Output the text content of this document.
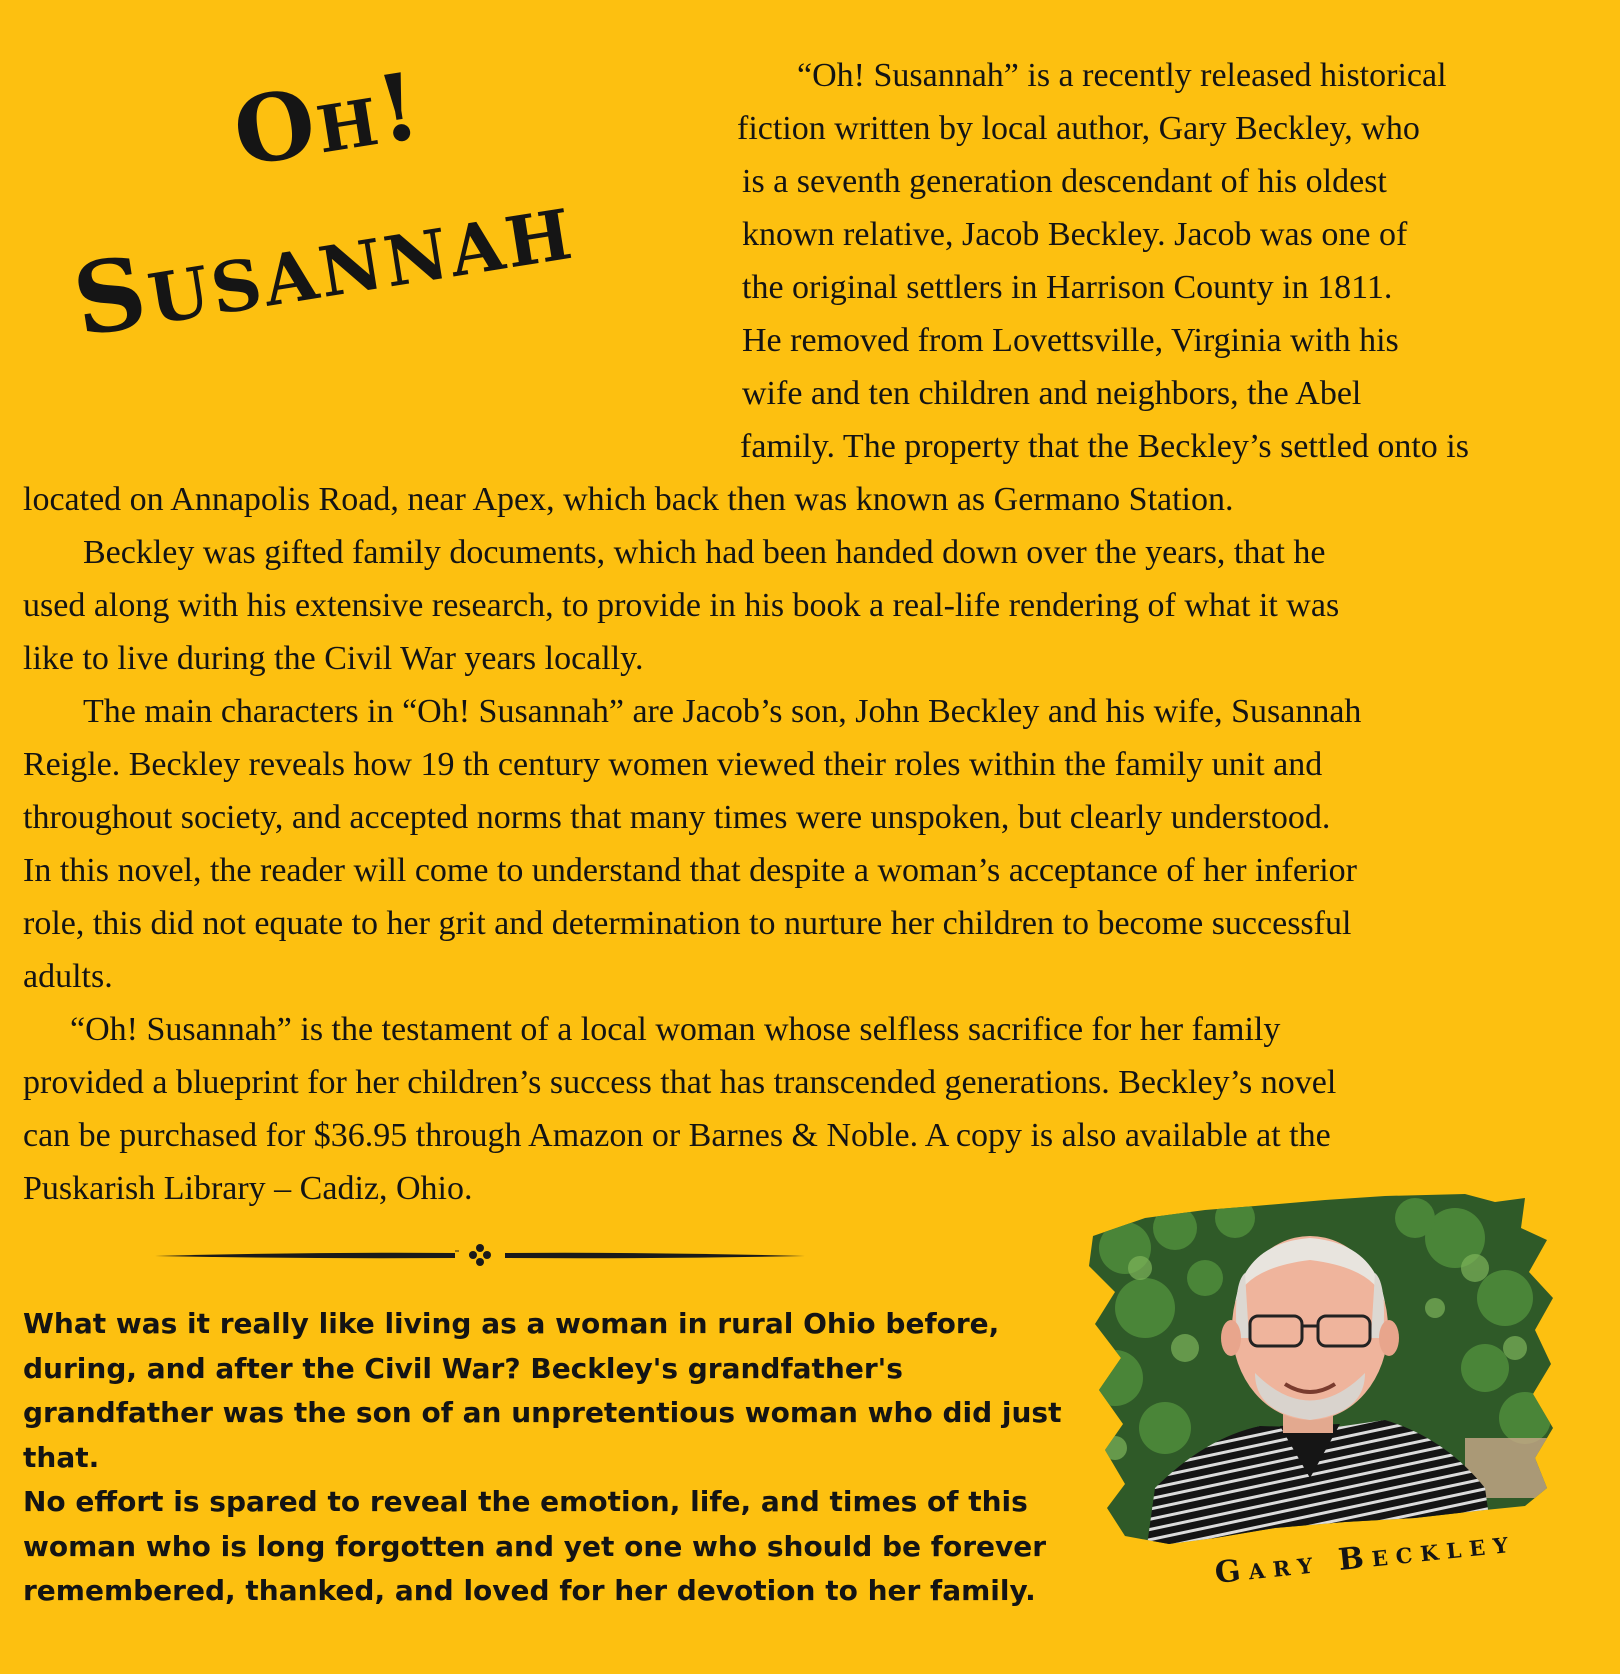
Oh!
Susannah
“Oh! Susannah” is a recently released historical
fiction written by local author, Gary Beckley, who
is a seventh generation descendant of his oldest
known relative, Jacob Beckley. Jacob was one of
the original settlers in Harrison County in 1811.
He removed from Lovettsville, Virginia with his
wife and ten children and neighbors, the Abel
family. The property that the Beckley’s settled onto is
located on Annapolis Road, near Apex, which back then was known as Germano Station.
Beckley was gifted family documents, which had been handed down over the years, that he
used along with his extensive research, to provide in his book a real-life rendering of what it was
like to live during the Civil War years locally.
The main characters in “Oh! Susannah” are Jacob’s son, John Beckley and his wife, Susannah
Reigle. Beckley reveals how 19 th century women viewed their roles within the family unit and
throughout society, and accepted norms that many times were unspoken, but clearly understood.
In this novel, the reader will come to understand that despite a woman’s acceptance of her inferior
role, this did not equate to her grit and determination to nurture her children to become successful
adults.
“Oh! Susannah” is the testament of a local woman whose selfless sacrifice for her family
provided a blueprint for her children’s success that has transcended generations. Beckley’s novel
can be purchased for $36.95 through Amazon or Barnes & Noble. A copy is also available at the
Puskarish Library – Cadiz, Ohio.

What was it really like living as a woman in rural Ohio before, during, and after the Civil War? Beckley's grandfather's grandfather was the son of an unpretentious woman who did just that.

No effort is spared to reveal the emotion, life, and times of this woman who is long forgotten and yet one who should be forever remembered, thanked, and loved for her devotion to her family.	Gary Beckley
